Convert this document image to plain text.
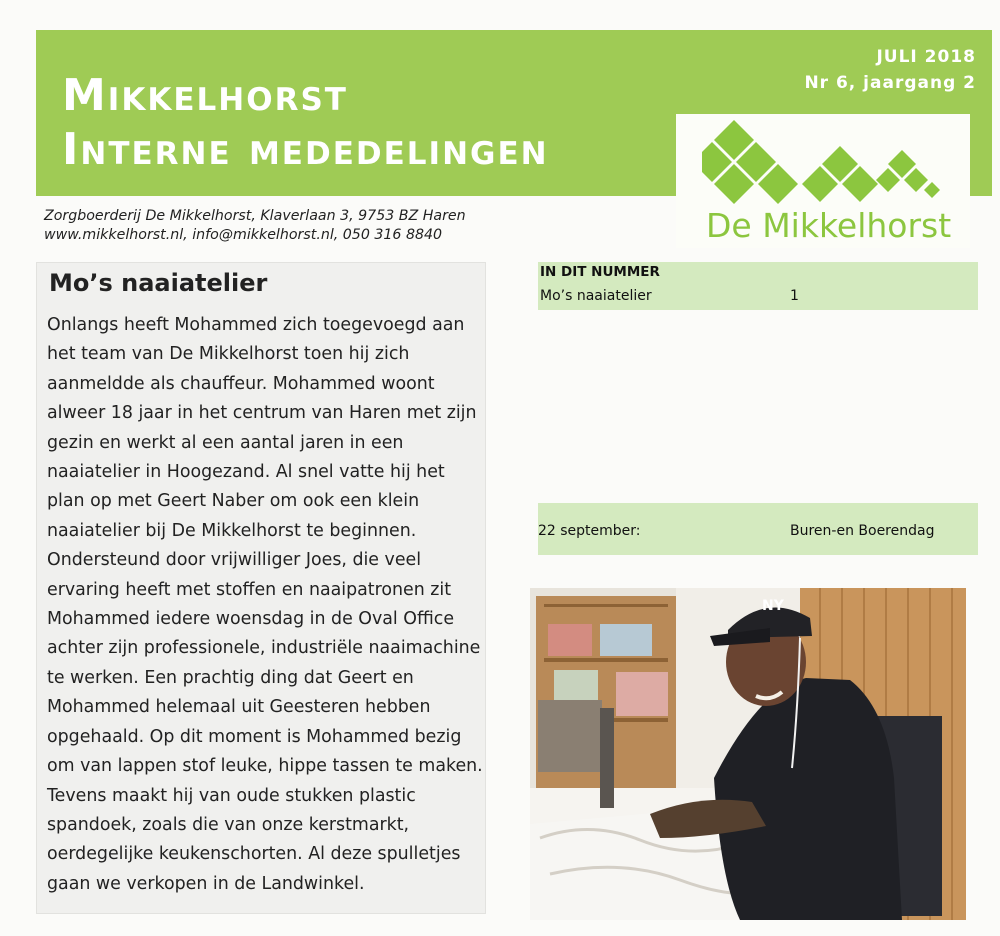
Mikkelhorst
Interne mededelingen
JULI 2018
Nr 6, jaargang 2
De Mikkelhorst
Zorgboerderij De Mikkelhorst, Klaverlaan 3, 9753 BZ Haren
www.mikkelhorst.nl, info@mikkelhorst.nl, 050 316 8840
Mo’s naaiatelier
Onlangs heeft Mohammed zich toegevoegd aan
het team van De Mikkelhorst toen hij zich
aanmeldde als chauffeur. Mohammed woont
alweer 18 jaar in het centrum van Haren met zijn
gezin en werkt al een aantal jaren in een
naaiatelier in Hoogezand. Al snel vatte hij het
plan op met Geert Naber om ook een klein
naaiatelier bij De Mikkelhorst te beginnen.
Ondersteund door vrijwilliger Joes, die veel
ervaring heeft met stoffen en naaipatronen zit
Mohammed iedere woensdag in de Oval Office
achter zijn professionele, industriële naaimachine
te werken. Een prachtig ding dat Geert en
Mohammed helemaal uit Geesteren hebben
opgehaald. Op dit moment is Mohammed bezig
om van lappen stof leuke, hippe tassen te maken.
Tevens maakt hij van oude stukken plastic
spandoek, zoals die van onze kerstmarkt,
oerdegelijke keukenschorten. Al deze spulletjes
gaan we verkopen in de Landwinkel.
IN DIT NUMMER
Mo’s naaiatelier	1
22 september:	Buren-en Boerendag
NY
